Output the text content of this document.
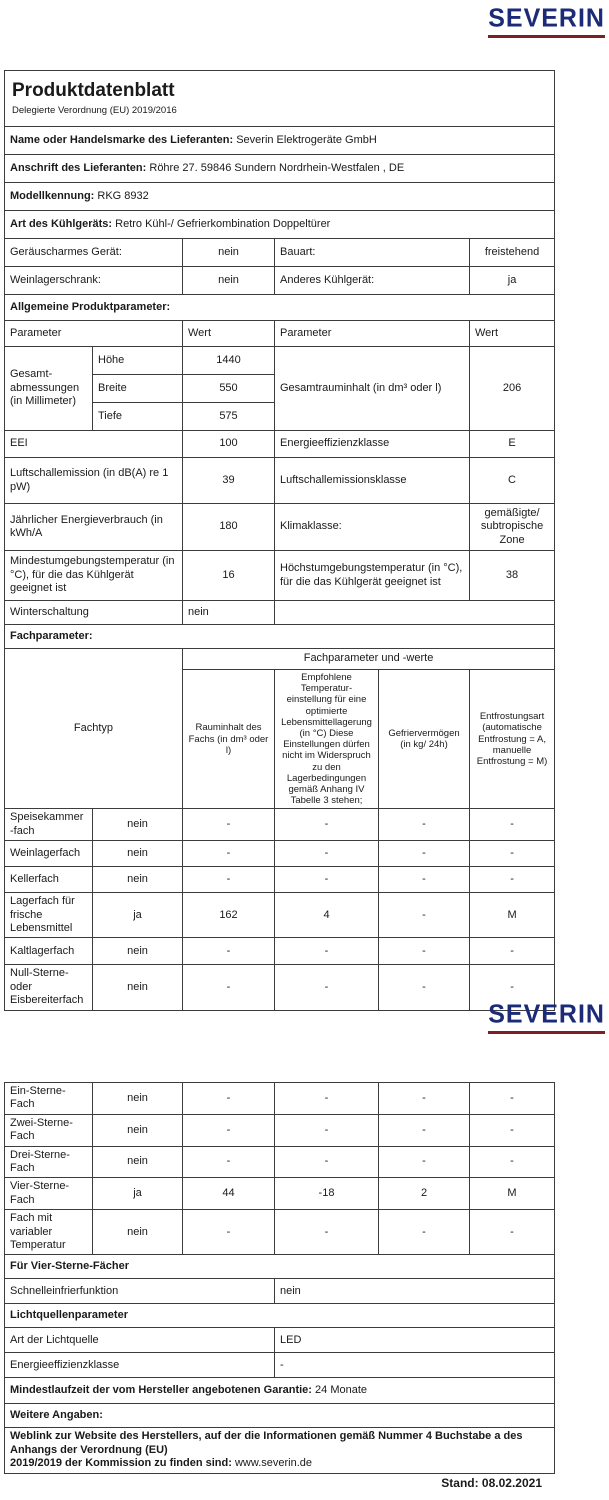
SEVERIN
Produktdatenblatt
Delegierte Verordnung (EU) 2019/2016					

Name oder Handelsmarke des Lieferanten: Severin Elektrogeräte GmbH					
Anschrift des Lieferanten: Röhre 27. 59846 Sundern Nordrhein-Westfalen , DE					
Modellkennung: RKG 8932					
Art des Kühlgeräts: Retro Kühl-/ Gefrierkombination Doppeltürer					
Geräuscharmes Gerät:		nein	Bauart:		freistehend
Weinlagerschrank:		nein	Anderes Kühlgerät:		ja
Allgemeine Produktparameter:					
Parameter		Wert	Parameter		Wert
Gesamt-abmessungen (in Millimeter)	Höhe	1440	Gesamtrauminhalt (in dm³ oder l)		206
	Breite	550			
	Tiefe	575			
EEI		100	Energieeffizienzklasse		E
Luftschallemission (in dB(A) re 1 pW)		39	Luftschallemissionsklasse		C
Jährlicher Energieverbrauch (in kWh/A		180	Klimaklasse:		gemäßigte/ subtropische Zone
Mindestumgebungstemperatur (in °C), für die das Kühlgerät geeignet ist		16	Höchstumgebungstemperatur (in °C), für die das Kühlgerät geeignet ist		38
Winterschaltung		nein			
Fachparameter:					
Fachtyp		Fachparameter und -werte			
		Rauminhalt des Fachs (in dm³ oder l)	Empfohlene Temperatur- einstellung für eine optimierte Lebensmittellagerung (in °C) Diese Einstellungen dürfen nicht im Widerspruch zu den Lagerbedingungen gemäß Anhang IV Tabelle 3 stehen;	Gefriervermögen (in kg/ 24h)	Entfrostungsart (automatische Entfrostung = A, manuelle Entfrostung = M)
Speisekammer-fach	nein	-	-	-	-
Weinlagerfach	nein	-	-	-	-
Kellerfach	nein	-	-	-	-
Lagerfach für frische Lebensmittel	ja	162	4	-	M
Kaltlagerfach	nein	-	-	-	-
Null-Sterne- oder Eisbereiterfach	nein	-	-	-	-
SEVERIN
Ein-Sterne-Fach	nein	-	-	-	-
Zwei-Sterne-Fach	nein	-	-	-	-
Drei-Sterne-Fach	nein	-	-	-	-
Vier-Sterne-Fach	ja	44	-18	2	M
Fach mit variabler Temperatur	nein	-	-	-	-
Für Vier-Sterne-Fächer					
Schnelleinfrierfunktion			nein		
Lichtquellenparameter					
Art der Lichtquelle			LED		
Energieeffizienzklasse			-		
Mindestlaufzeit der vom Hersteller angebotenen Garantie: 24 Monate					
Weitere Angaben:					

Weblink zur Website des Herstellers, auf der die Informationen gemäß Nummer 4 Buchstabe a des Anhangs der Verordnung (EU)
2019/2019 der Kommission zu finden sind: www.severin.de					
Stand: 08.02.2021
